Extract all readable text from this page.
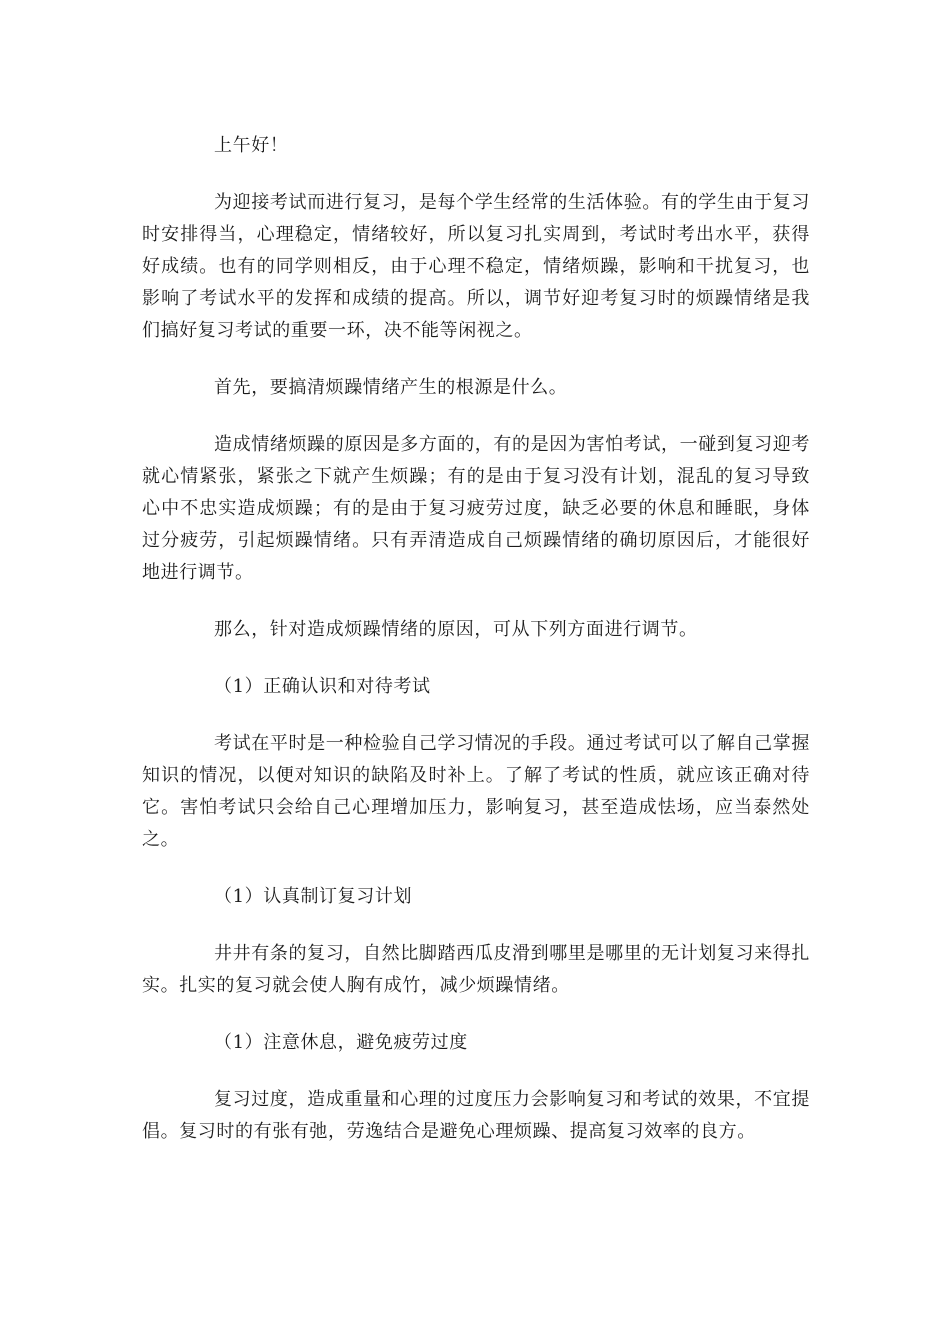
上午好！

为迎接考试而进行复习，是每个学生经常的生活体验。有的学生由于复习时安排得当，心理稳定，情绪较好，所以复习扎实周到，考试时考出水平，获得好成绩。也有的同学则相反，由于心理不稳定，情绪烦躁，影响和干扰复习，也影响了考试水平的发挥和成绩的提高。所以，调节好迎考复习时的烦躁情绪是我们搞好复习考试的重要一环，决不能等闲视之。

首先，要搞清烦躁情绪产生的根源是什么。

造成情绪烦躁的原因是多方面的，有的是因为害怕考试，一碰到复习迎考就心情紧张，紧张之下就产生烦躁；有的是由于复习没有计划，混乱的复习导致心中不忠实造成烦躁；有的是由于复习疲劳过度，缺乏必要的休息和睡眠，身体过分疲劳，引起烦躁情绪。只有弄清造成自己烦躁情绪的确切原因后，才能很好地进行调节。

那么，针对造成烦躁情绪的原因，可从下列方面进行调节。

（1）正确认识和对待考试

考试在平时是一种检验自己学习情况的手段。通过考试可以了解自己掌握知识的情况，以便对知识的缺陷及时补上。了解了考试的性质，就应该正确对待它。害怕考试只会给自己心理增加压力，影响复习，甚至造成怯场，应当泰然处之。

（1）认真制订复习计划

井井有条的复习，自然比脚踏西瓜皮滑到哪里是哪里的无计划复习来得扎实。扎实的复习就会使人胸有成竹，减少烦躁情绪。

（1）注意休息，避免疲劳过度

复习过度，造成重量和心理的过度压力会影响复习和考试的效果，不宜提倡。复习时的有张有弛，劳逸结合是避免心理烦躁、提高复习效率的良方。
